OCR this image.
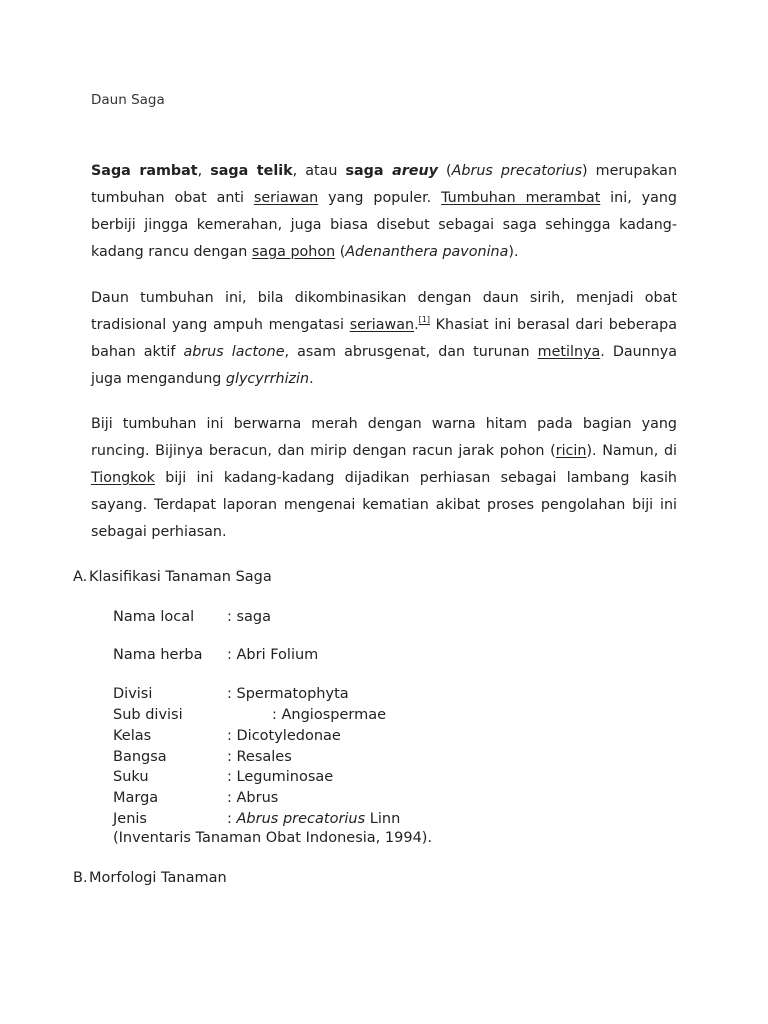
Daun Saga
Saga rambat, saga telik, atau saga areuy (Abrus precatorius) merupakan tumbuhan obat anti seriawan yang populer. Tumbuhan merambat ini, yang berbiji jingga kemerahan, juga biasa disebut sebagai saga sehingga kadang-kadang rancu dengan saga pohon (Adenanthera pavonina).
Daun tumbuhan ini, bila dikombinasikan dengan daun sirih, menjadi obat tradisional yang ampuh mengatasi seriawan.[1] Khasiat ini berasal dari beberapa bahan aktif abrus lactone, asam abrusgenat, dan turunan metilnya. Daunnya juga mengandung glycyrrhizin.
Biji tumbuhan ini berwarna merah dengan warna hitam pada bagian yang runcing. Bijinya beracun, dan mirip dengan racun jarak pohon (ricin). Namun, di Tiongkok biji ini kadang-kadang dijadikan perhiasan sebagai lambang kasih sayang. Terdapat laporan mengenai kematian akibat proses pengolahan biji ini sebagai perhiasan.
A. Klasifikasi Tanaman Saga
Nama local : saga
Nama herba : Abri Folium
Divisi	: Spermatophyta
Sub divisi	: Angiospermae
Kelas	: Dicotyledonae
Bangsa	: Resales
Suku	: Leguminosae
Marga	: Abrus
Jenis	: Abrus precatorius Linn
(Inventaris Tanaman Obat Indonesia, 1994).
B.Morfologi Tanaman
